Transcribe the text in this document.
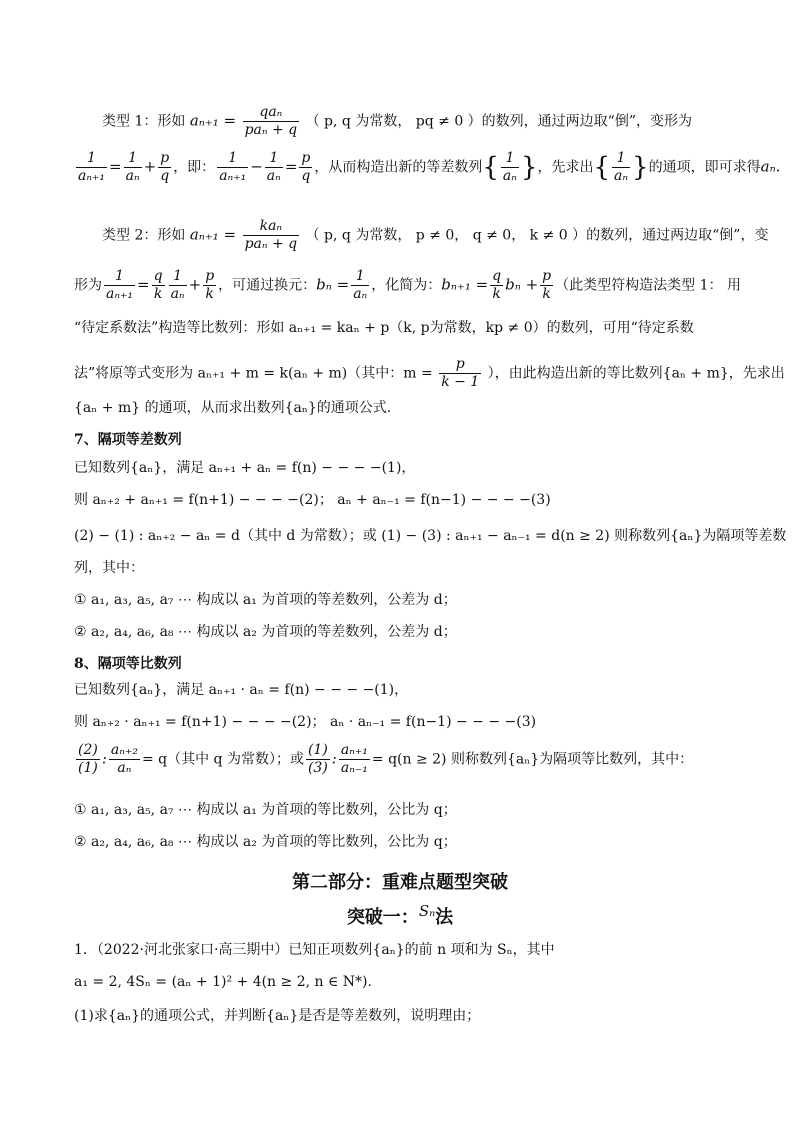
类型 1：形如 $a_{n+1} = \frac{\text{qaₙ}}{\text{paₙ + q}}$ （ p, q 为常数， pq ≠ 0 ）的数列，通过两边取“倒”，变形为
$\frac{1}{\text{aₙ₊₁}} = \frac{1}{\text{aₙ}} + \frac{p}{q}$ ，即： $\frac{1}{\text{aₙ₊₁}} - \frac{1}{\text{aₙ}} = \frac{p}{q}$ ，从而构造出新的等差数列{ $\frac{1}{\text{aₙ}}$ }，先求出{ $\frac{1}{\text{aₙ}}$ }的通项，即可求得aₙ.
类型 2：形如 $a_{n+1} = \frac{\text{kaₙ}}{\text{paₙ + q}}$ （ p, q 为常数， p ≠ 0， q ≠ 0， k ≠ 0 ）的数列，通过两边取“倒”，变
形为 $\frac{1}{\text{aₙ₊₁}} = \frac{q}{k} \frac{1}{\text{aₙ}} + \frac{p}{k}$ ，可通过换元：$b_n = \frac{1}{\text{aₙ}}$ ，化简为：$b_{n+1} = \frac{q}{k}$ $b_n + \frac{p}{k}$ （此类型符构造法类型 1： 用
“待定系数法”构造等比数列：形如 aₙ₊₁ = kaₙ + p（k, p为常数，kp ≠ 0）的数列，可用“待定系数
法”将原等式变形为 aₙ₊₁ + m = k(aₙ + m)（其中：$m = \frac{p}{k - 1}$ ），由此构造出新的等比数列{aₙ + m}，先求出
{aₙ + m} 的通项，从而求出数列{aₙ}的通项公式.
7、隔项等差数列
已知数列{aₙ}，满足 aₙ₊₁ + aₙ = f(n) − − − −(1)，
则 aₙ₊₂ + aₙ₊₁ = f(n+1) − − − −(2)； aₙ + aₙ₋₁ = f(n−1) − − − −(3)
(2) − (1) : aₙ₊₂ − aₙ = d（其中 d 为常数）；或 (1) − (3) : aₙ₊₁ − aₙ₋₁ = d(n ≥ 2) 则称数列{aₙ}为隔项等差数
列，其中：
① a₁, a₃, a₅, a₇ ⋯ 构成以 a₁ 为首项的等差数列，公差为 d；
② a₂, a₄, a₆, a₈ ⋯ 构成以 a₂ 为首项的等差数列，公差为 d；
8、隔项等比数列
已知数列{aₙ}，满足 aₙ₊₁ · aₙ = f(n) − − − −(1)，
则 aₙ₊₂ · aₙ₊₁ = f(n+1) − − − −(2)； aₙ · aₙ₋₁ = f(n−1) − − − −(3)
$\frac{(2)}{(1)}$ : $\frac{\text{aₙ₊₂}}{\text{aₙ}} = q$（其中 q 为常数）；或 $\frac{(1)}{(3)}$ : $\frac{\text{aₙ₊₁}}{\text{aₙ₋₁}} = q(n \ge 2)$ 则称数列{aₙ}为隔项等比数列，其中：
① a₁, a₃, a₅, a₇ ⋯ 构成以 a₁ 为首项的等比数列，公比为 q；
② a₂, a₄, a₆, a₈ ⋯ 构成以 a₂ 为首项的等比数列，公比为 q；
第二部分：重难点题型突破
突破一：$^{S_n}$法
1．（2022·河北张家口·高三期中）已知正项数列{aₙ}的前 n 项和为 Sₙ，其中
a₁ = 2, 4Sₙ = (aₙ + 1)² + 4(n ≥ 2, n ∈ N*).
(1)求{aₙ}的通项公式，并判断{aₙ}是否是等差数列，说明理由；
